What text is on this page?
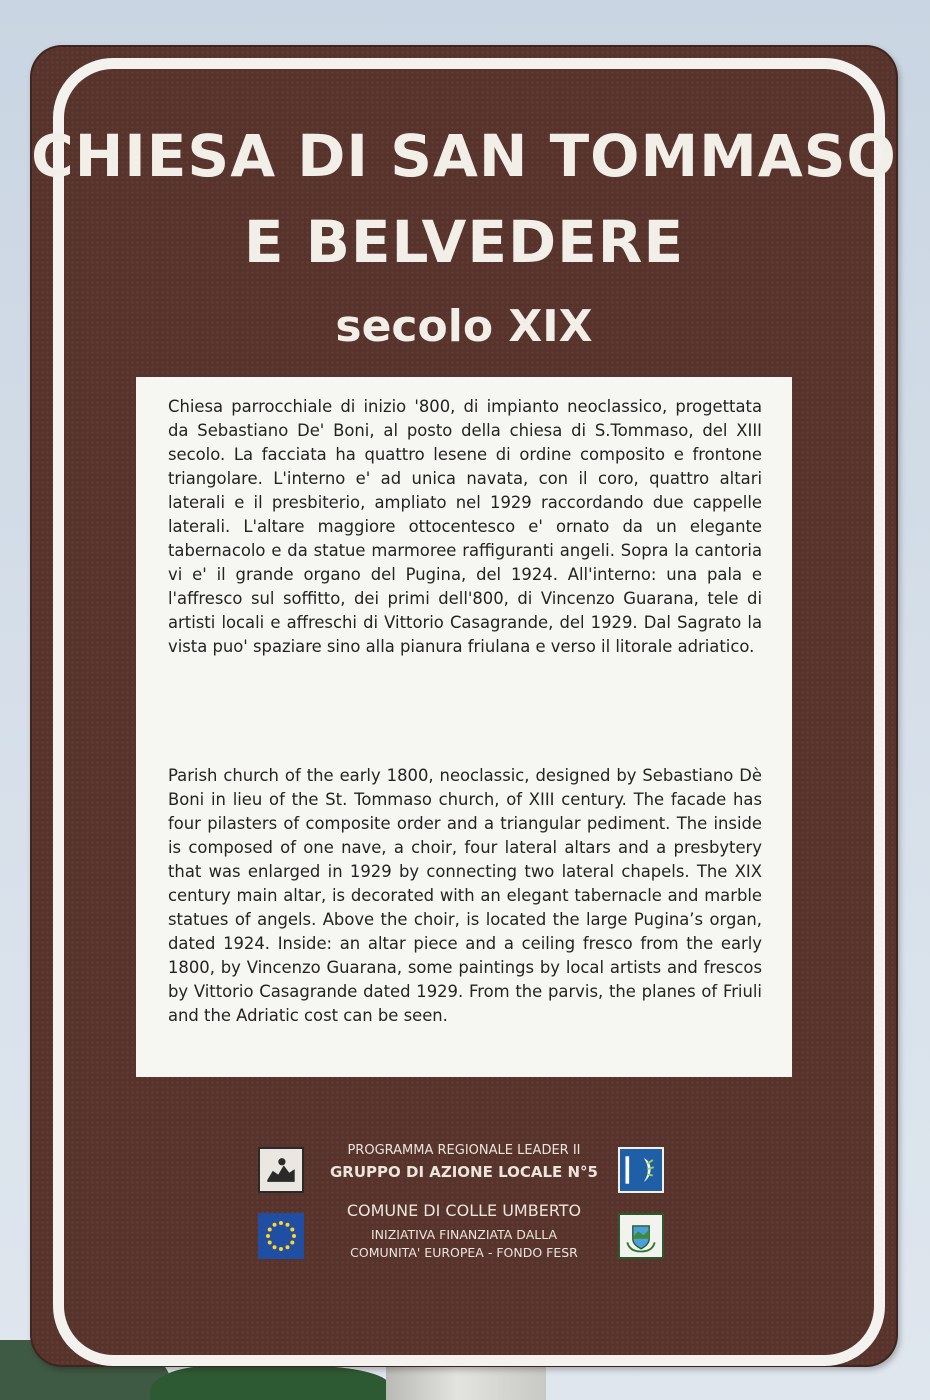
CHIESA DI SAN TOMMASO
E BELVEDERE
secolo XIX

Chiesa parrocchiale di inizio '800, di impianto neoclassico, progettata da Sebastiano De' Boni, al posto della chiesa di S.Tommaso, del XIII secolo. La facciata ha quattro lesene di ordine composito e frontone triangolare. L'interno e' ad unica navata, con il coro, quattro altari laterali e il presbiterio, ampliato nel 1929 raccordando due cappelle laterali. L'altare maggiore ottocentesco e' ornato da un elegante tabernacolo e da statue marmoree raffiguranti angeli. Sopra la cantoria vi e' il grande organo del Pugina, del 1924. All'interno: una pala e l'affresco sul soffitto, dei primi dell'800, di Vincenzo Guarana, tele di artisti locali e affreschi di Vittorio Casagrande, del 1929. Dal Sagrato la vista puo' spaziare sino alla pianura friulana e verso il litorale adriatico.

Parish church of the early 1800, neoclassic, designed by Sebastiano Dè Boni in lieu of the St. Tommaso church, of XIII century. The facade has four pilasters of composite order and a triangular pediment. The inside is composed of one nave, a choir, four lateral altars and a presbytery that was enlarged in 1929 by connecting two lateral chapels. The XIX century main altar, is decorated with an elegant tabernacle and marble statues of angels. Above the choir, is located the large Pugina’s organ, dated 1924. Inside: an altar piece and a ceiling fresco from the early 1800, by Vincenzo Guarana, some paintings by local artists and frescos by Vittorio Casagrande dated 1929. From the parvis, the planes of Friuli and the Adriatic cost can be seen.

PROGRAMMA REGIONALE LEADER II
GRUPPO DI AZIONE LOCALE N°5
COMUNE DI COLLE UMBERTO
INIZIATIVA FINANZIATA DALLA
COMUNITA' EUROPEA - FONDO FESR
